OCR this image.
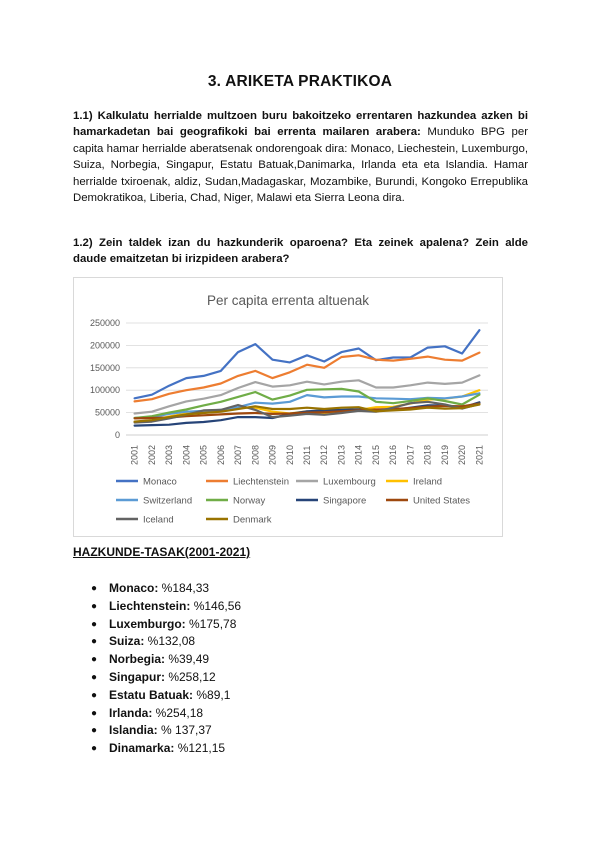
3. ARIKETA PRAKTIKOA
1.1) Kalkulatu herrialde multzoen buru bakoitzeko errentaren hazkundea azken bi hamarkadetan bai geografikoki bai errenta mailaren arabera: Munduko BPG per capita hamar herrialde aberatsenak ondorengoak dira: Monaco, Liechestein, Luxemburgo, Suiza, Norbegia, Singapur, Estatu Batuak,Danimarka, Irlanda eta eta Islandia. Hamar herrialde txiroenak, aldiz, Sudan,Madagaskar, Mozambike, Burundi, Kongoko Errepublika Demokratikoa, Liberia, Chad, Niger, Malawi eta Sierra Leona dira.
1.2) Zein taldek izan du hazkunderik oparoena? Eta zeinek apalena? Zein alde daude emaitzetan bi irizpideen arabera?
Per capita errenta altuenak
0
50000
100000
150000
200000
250000
2001 2002 2003 2004 2005 2006 2007 2008 2009 2010 2011 2012 2013 2014 2015 2016 2017 2018 2019 2020 2021
Monaco	Liechtenstein	Luxembourg	Ireland
Switzerland	Norway	Singapore	United States
Iceland	Denmark
HAZKUNDE-TASAK(2001-2021)
● Monaco: %184,33
● Liechtenstein: %146,56
● Luxemburgo: %175,78
● Suiza: %132,08
● Norbegia: %39,49
● Singapur: %258,12
● Estatu Batuak: %89,1
● Irlanda: %254,18
● Islandia: % 137,37
● Dinamarka: %121,15
